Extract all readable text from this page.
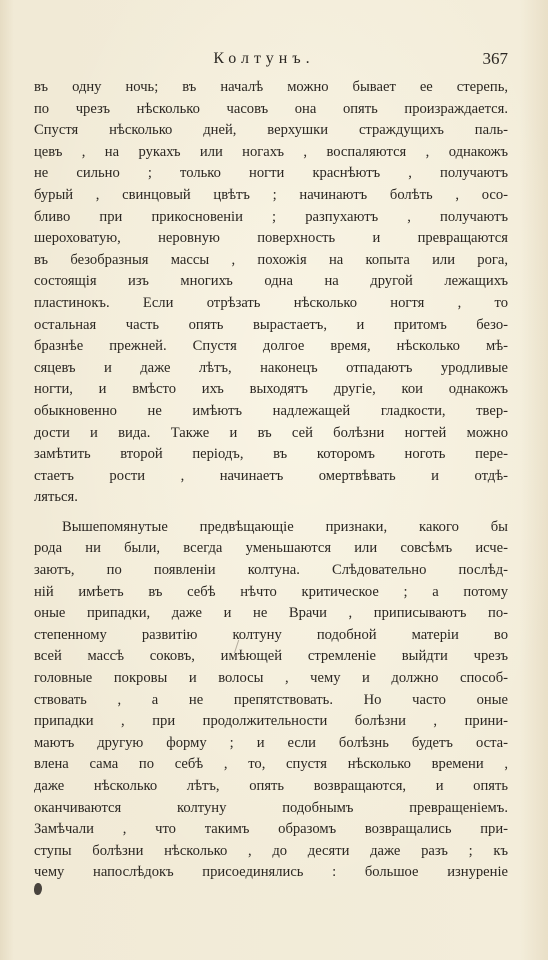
Колтунъ.	367
въ одну ночь; въ началѣ можно бывает ее стерепь,
по чрезъ нѣсколько часовъ она опять произраждается.
Спустя нѣсколько дней, верхушки страждущихъ паль-
цевъ , на рукахъ или ногахъ , воспаляются , однакожъ
не сильно ; только ногти краснѣютъ , получаютъ
бурый , свинцовый цвѣтъ ; начинаютъ болѣть , осо-
бливо при прикосновеніи ; разпухаютъ , получаютъ
шероховатую, неровную поверхность и превращаются
въ безобразныя массы , похожія на копыта или рога,
состоящія изъ многихъ одна на другой лежащихъ
пластинокъ. Если отрѣзать нѣсколько ногтя , то
остальная часть опять вырастаетъ, и притомъ безо-
бразнѣе прежней. Спустя долгое время, нѣсколько мѣ-
сяцевъ и даже лѣтъ, наконецъ отпадаютъ уродливые
ногти, и вмѣсто ихъ выходятъ другіе, кои однакожъ
обыкновенно не имѣютъ надлежащей гладкости, твер-
дости и вида. Также и въ сей болѣзни ногтей можно
замѣтить второй періодъ, въ которомъ ноготь пере-
стаетъ рости , начинаетъ омертвѣвать и отдѣ-
ляться.
Вышепомянутые предвѣщающіе признаки, какого бы
рода ни были, всегда уменьшаются или совсѣмъ исче-
заютъ, по появленіи колтуна. Слѣдовательно послѣд-
ній имѣетъ въ себѣ нѣчто критическое ; а потому
оные припадки, даже и не Врачи , приписываютъ по-
степенному развитію колтуну подобной матеріи во
всей массѣ соковъ, имѣющей стремленіе выйдти чрезъ
головные покровы и волосы , чему и должно способ-
ствовать , а не препятствовать. Но часто оные
припадки , при продолжительности болѣзни , прини-
маютъ другую форму ; и если болѣзнь будетъ оста-
влена сама по себѣ , то, спустя нѣсколько времени ,
даже нѣсколько лѣтъ, опять возвращаются, и опять
оканчиваются колтуну подобнымъ превращеніемъ.
Замѣчали , что такимъ образомъ возвращались при-
ступы болѣзни нѣсколько , до десяти даже разъ ; къ
чему напослѣдокъ присоединялись : большое изнуреніе
